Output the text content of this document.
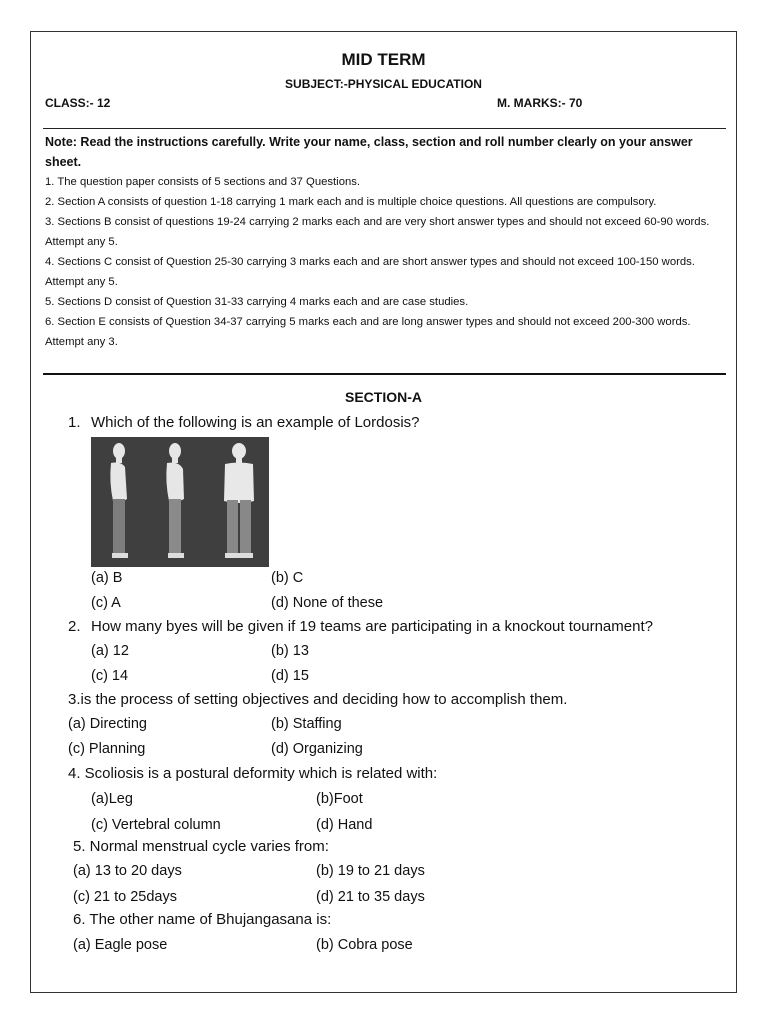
MID TERM
SUBJECT:-PHYSICAL EDUCATION
CLASS:- 12	M. MARKS:- 70
Note: Read the instructions carefully. Write your name, class, section and roll number clearly on your answer sheet.
1. The question paper consists of 5 sections and 37 Questions.
2. Section A consists of question 1-18 carrying 1 mark each and is multiple choice questions. All questions are compulsory.
3. Sections B consist of questions 19-24 carrying 2 marks each and are very short answer types and should not exceed 60-90 words. Attempt any 5.
4. Sections C consist of Question 25-30 carrying 3 marks each and are short answer types and should not exceed 100-150 words. Attempt any 5.
5. Sections D consist of Question 31-33 carrying 4 marks each and are case studies.
6. Section E consists of Question 34-37 carrying 5 marks each and are long answer types and should not exceed 200-300 words. Attempt any 3.
SECTION-A
1. Which of the following is an example of Lordosis?
(a) B	(b) C
(c) A	(d) None of these
2. How many byes will be given if 19 teams are participating in a knockout tournament?
(a) 12	(b) 13
(c) 14	(d) 15
3.is the process of setting objectives and deciding how to accomplish them.
(a) Directing	(b) Staffing
(c) Planning	(d) Organizing
4. Scoliosis is a postural deformity which is related with:
(a)Leg	(b)Foot
(c) Vertebral column	(d) Hand
5. Normal menstrual cycle varies from:
(a) 13 to 20 days	(b) 19 to 21 days
(c) 21 to 25days	(d) 21 to 35 days
6. The other name of Bhujangasana is:
(a) Eagle pose	(b) Cobra pose
